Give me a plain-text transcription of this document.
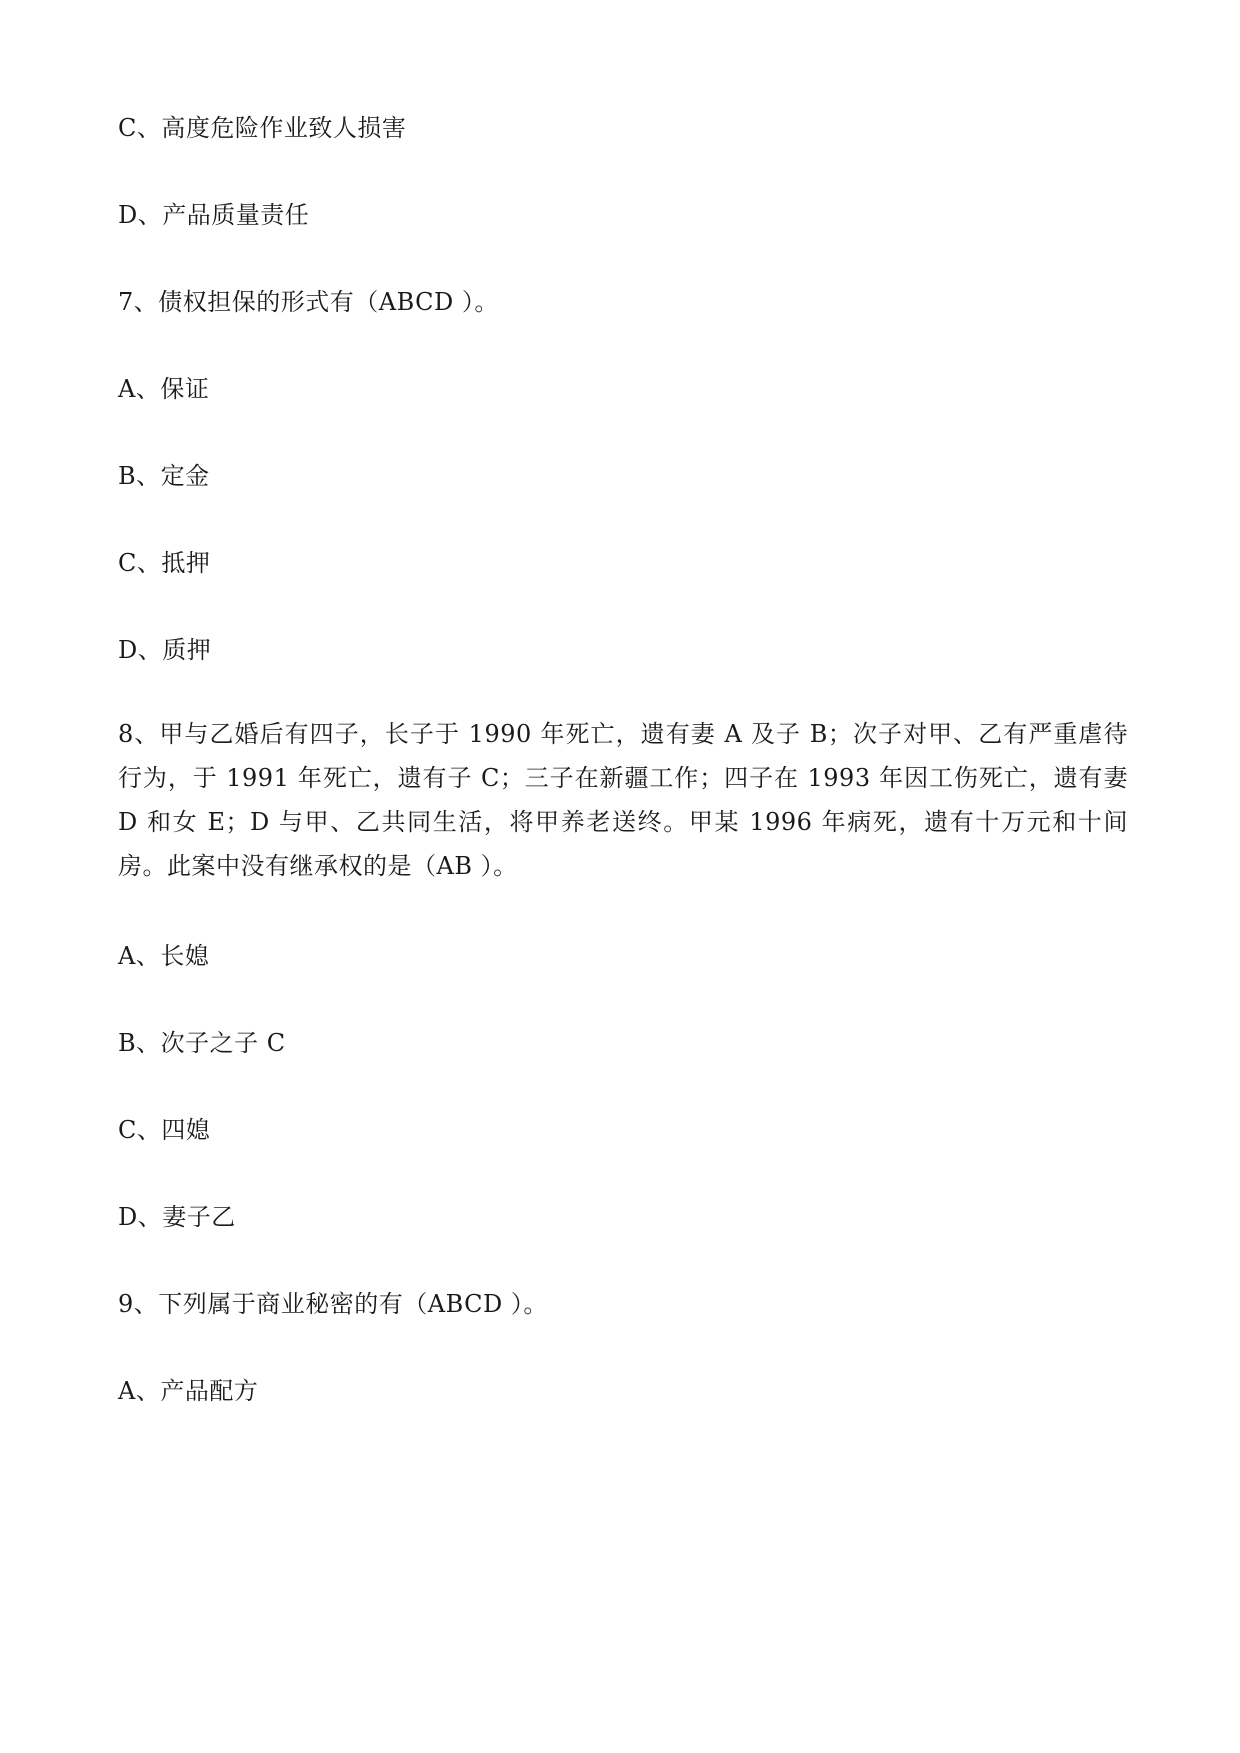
C、高度危险作业致人损害
D、产品质量责任
7、债权担保的形式有（ABCD ）。
A、保证
B、定金
C、抵押
D、质押
8、甲与乙婚后有四子，长子于 1990 年死亡，遗有妻 A 及子 B；次子对甲、乙有严重虐待行为，于 1991 年死亡，遗有子 C；三子在新疆工作；四子在 1993 年因工伤死亡，遗有妻 D 和女 E；D 与甲、乙共同生活，将甲养老送终。甲某 1996 年病死，遗有十万元和十间房。此案中没有继承权的是（AB ）。
A、长媳
B、次子之子 C
C、四媳
D、妻子乙
9、下列属于商业秘密的有（ABCD ）。
A、产品配方
